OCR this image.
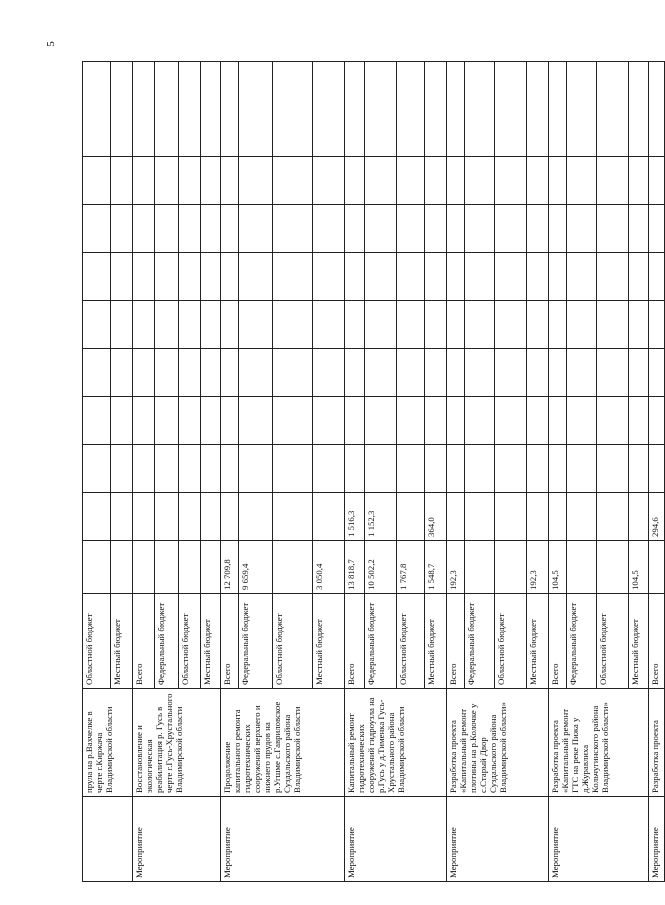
5
	прула на р.Вахчелке в черте г.Киржача Владимирской области	Областной бюджет										
		Местный бюджет										
Мероприятие	Восстановление и экологическая реабилитация р. Гусь в черте г.Гусь-Хрустального Владимирской области	Всего										
		Федеральный бюджет										
		Областной бюджет										
		Местный бюджет										
Мероприятие	Продолжение капитального ремонта гидротехнических сооружений верхнего и нижнего прудов на р.Угшме с.Гавриловское Суздальского района Владимирской области	Всего	12 709,8									
		Федеральный бюджет	9 659,4									
		Областной бюджет										
		Местный бюджет	3 050,4									
Мероприятие	Капитальный ремонт гидротехнических сооружений гидроузла на р.Гусь у д.Тименка Гусь-Хрустального района Владимирской области	Всего	13 818,7	1 516,3								
		Федеральный бюджет	10 502,2	1 152,3								
		Областной бюджет	1 767,8									
		Местный бюджет	1 548,7	364,0								
Мероприятие	Разработка проекта «Капитальный ремонт плотины на р.Колочке у с.Старый Двор Суздальского района Владимирской области»	Всего	192,3									
		Федеральный бюджет										
		Областной бюджет										
		Местный бюджет	192,3									
Мероприятие	Разработка проекта «Капитальный ремонт ГТС на реке Пижа у д.Журавлиха Кольчугинского района Владимирской области»	Всего	104,5									
		Федеральный бюджет										
		Областной бюджет										
		Местный бюджет	104,5									
Мероприятие	Разработка проекта	Всего		294,6								
